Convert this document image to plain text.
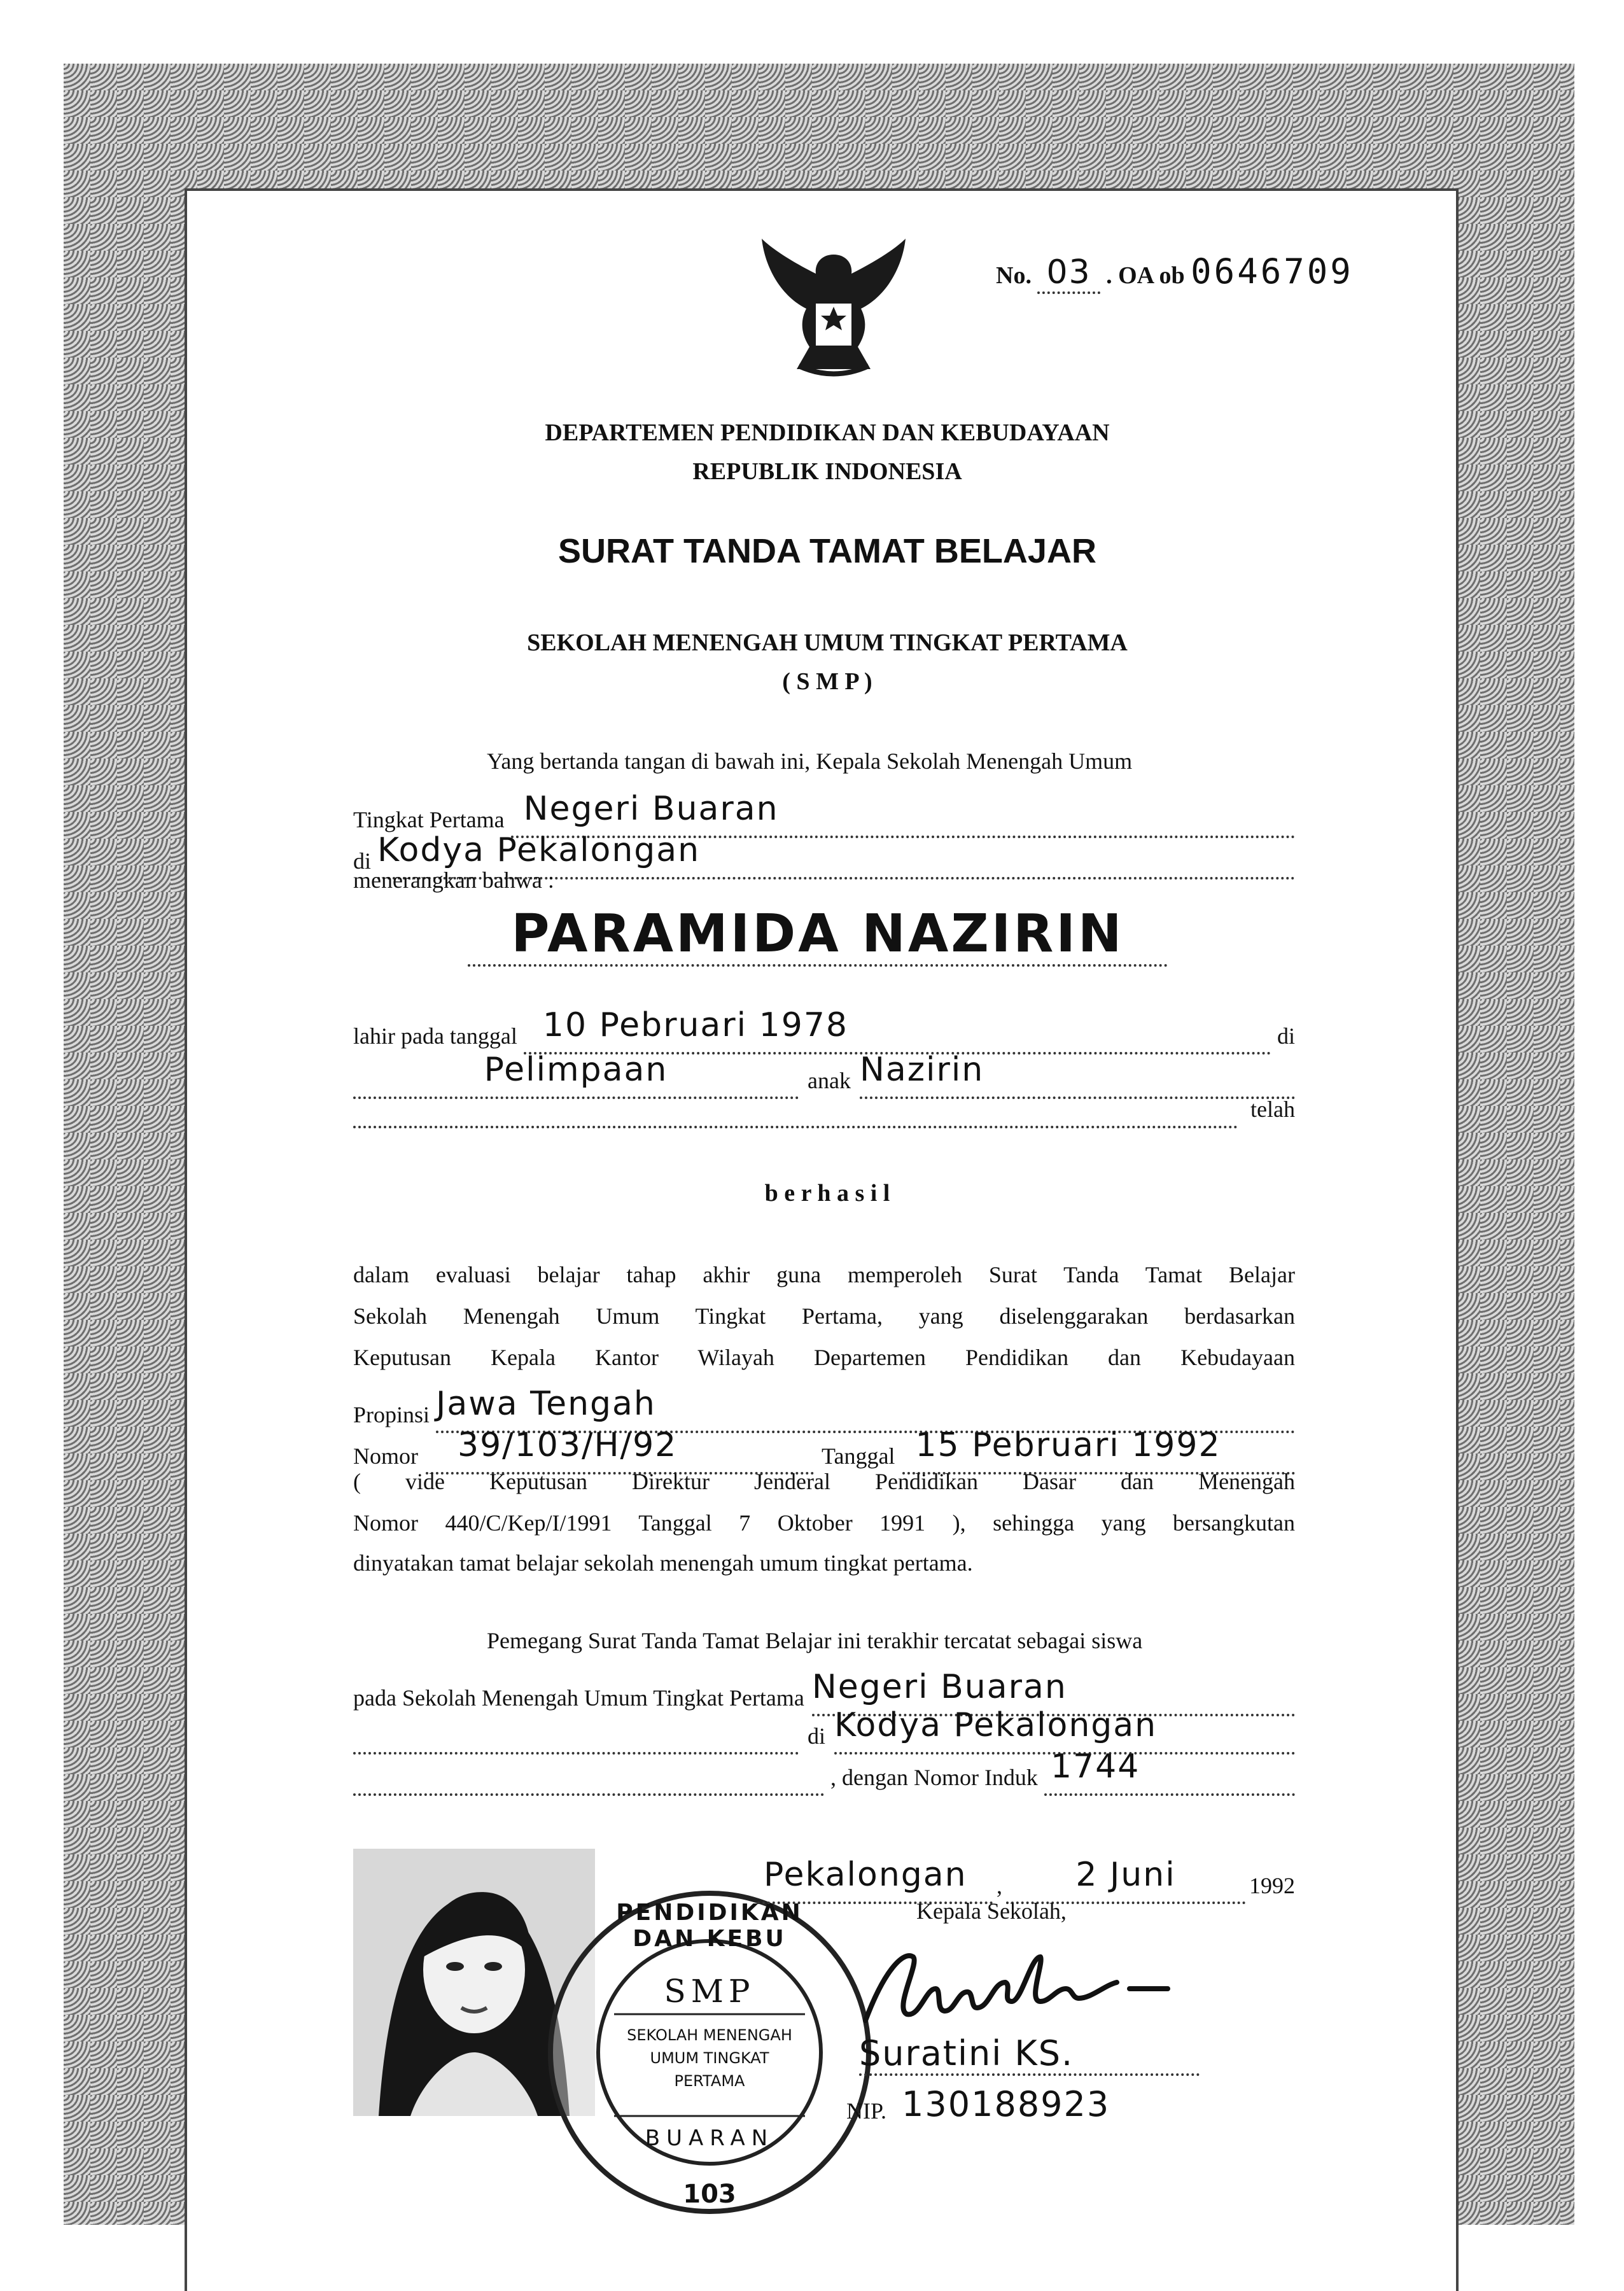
No. 03 . OA ob 0646709
DEPARTEMEN PENDIDIKAN DAN KEBUDAYAAN
REPUBLIK INDONESIA
SURAT TANDA TAMAT BELAJAR
SEKOLAH MENENGAH UMUM TINGKAT PERTAMA
( S M P )
Yang bertanda tangan di bawah ini, Kepala Sekolah Menengah Umum
Tingkat Pertama Negeri Buaran
di Kodya Pekalongan
menerangkan bahwa :
PARAMIDA NAZIRIN
lahir pada tanggal 10 Pebruari 1978	di
Pelimpaan	anak Nazirin
telah
b e r h a s i l
dalam evaluasi belajar tahap akhir guna memperoleh Surat Tanda Tamat Belajar
Sekolah Menengah Umum Tingkat Pertama, yang diselenggarakan berdasarkan
Keputusan Kepala Kantor Wilayah Departemen Pendidikan dan Kebudayaan
Propinsi Jawa Tengah
Nomor	39/103/H/92	Tanggal 15 Pebruari 1992
( vide Keputusan Direktur Jenderal Pendidikan Dasar dan Menengah
Nomor 440/C/Kep/I/1991 Tanggal 7 Oktober 1991 ), sehingga yang bersangkutan
dinyatakan tamat belajar sekolah menengah umum tingkat pertama.
Pemegang Surat Tanda Tamat Belajar ini terakhir tercatat sebagai siswa
pada Sekolah Menengah Umum Tingkat Pertama Negeri Buaran
di Kodya Pekalongan
, dengan Nomor Induk 1744
PENDIDIKAN DAN KEBU
103
SMP
SEKOLAH MENENGAH
UMUM TINGKAT
PERTAMA
BUARAN
Pekalongan	,	2 Juni	1992
Kepala Sekolah,
Suratini KS.
NIP. 130188923
